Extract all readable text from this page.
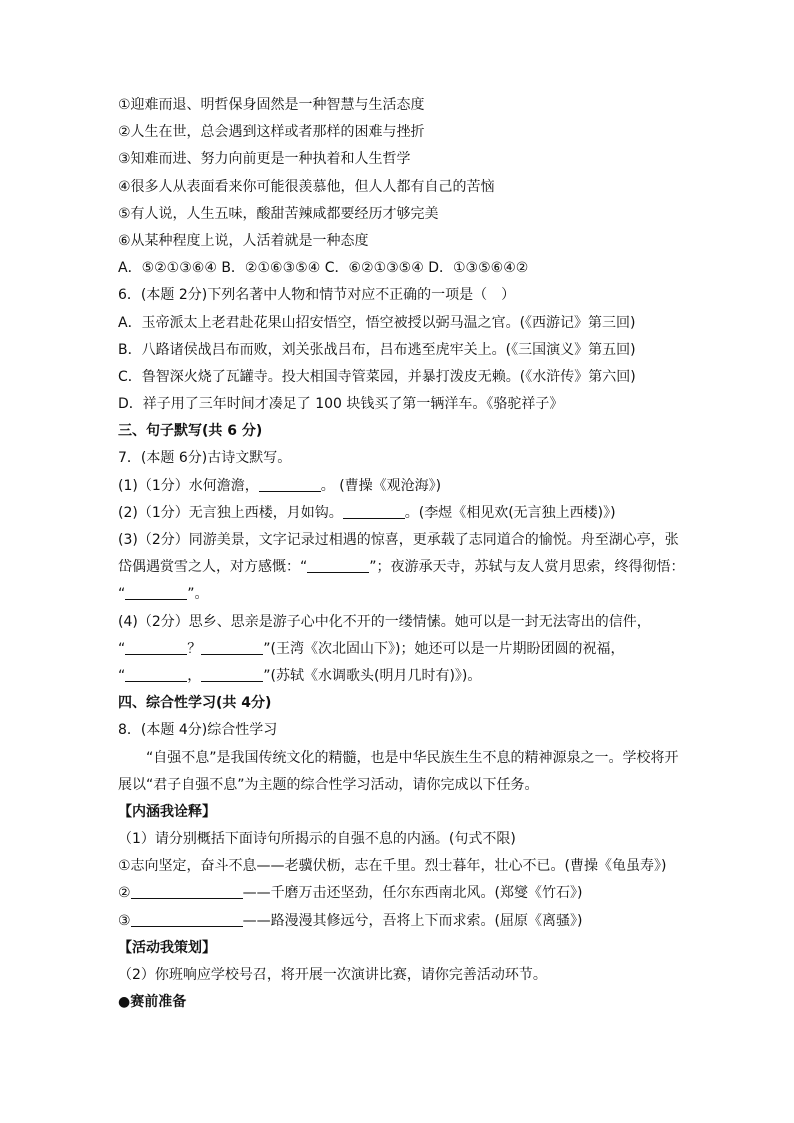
①迎难而退、明哲保身固然是一种智慧与生活态度
②人生在世，总会遇到这样或者那样的困难与挫折
③知难而进、努力向前更是一种执着和人生哲学
④很多人从表面看来你可能很羡慕他，但人人都有自己的苦恼
⑤有人说，人生五味，酸甜苦辣咸都要经历才够完美
⑥从某种程度上说，人活着就是一种态度
A．⑤②①③⑥④ B．②①⑥③⑤④ C．⑥②①③⑤④ D．①③⑤⑥④②
6．(本题 2分)下列名著中人物和情节对应不正确的一项是（　）
A．玉帝派太上老君赴花果山招安悟空，悟空被授以弼马温之官。(《西游记》第三回)
B．八路诸侯战吕布而败，刘关张战吕布，吕布逃至虎牢关上。(《三国演义》第五回)
C．鲁智深火烧了瓦罐寺。投大相国寺管菜园，并暴打泼皮无赖。(《水浒传》第六回)
D．祥子用了三年时间才凑足了 100 块钱买了第一辆洋车。《骆驼祥子》
三、句子默写(共 6 分)
7．(本题 6分)古诗文默写。
(1)（1分）水何澹澹，	。 (曹操《观沧海》)
(2)（1分）无言独上西楼，月如钩。	。(李煜《相见欢(无言独上西楼)》)
(3)（2分）同游美景，文字记录过相遇的惊喜，更承载了志同道合的愉悦。舟至湖心亭，张
岱偶遇赏雪之人，对方感慨：“	”；夜游承天寺，苏轼与友人赏月思索，终得彻悟：
“	”。
(4)（2分）思乡、思亲是游子心中化不开的一缕情愫。她可以是一封无法寄出的信件，
“	？	”(王湾《次北固山下》)；她还可以是一片期盼团圆的祝福，
“	，	”(苏轼《水调歌头(明月几时有)》)。
四、综合性学习(共 4分)
8．(本题 4分)综合性学习
“自强不息”是我国传统文化的精髓，也是中华民族生生不息的精神源泉之一。学校将开
展以“君子自强不息”为主题的综合性学习活动，请你完成以下任务。
【内涵我诠释】
（1）请分别概括下面诗句所揭示的自强不息的内涵。(句式不限)
①志向坚定，奋斗不息——老骥伏枥，志在千里。烈士暮年，壮心不已。(曹操《龟虽寿》)
②	——千磨万击还坚劲，任尔东西南北风。(郑燮《竹石》)
③	——路漫漫其修远兮，吾将上下而求索。(屈原《离骚》)
【活动我策划】
（2）你班响应学校号召，将开展一次演讲比赛，请你完善活动环节。
●赛前准备
